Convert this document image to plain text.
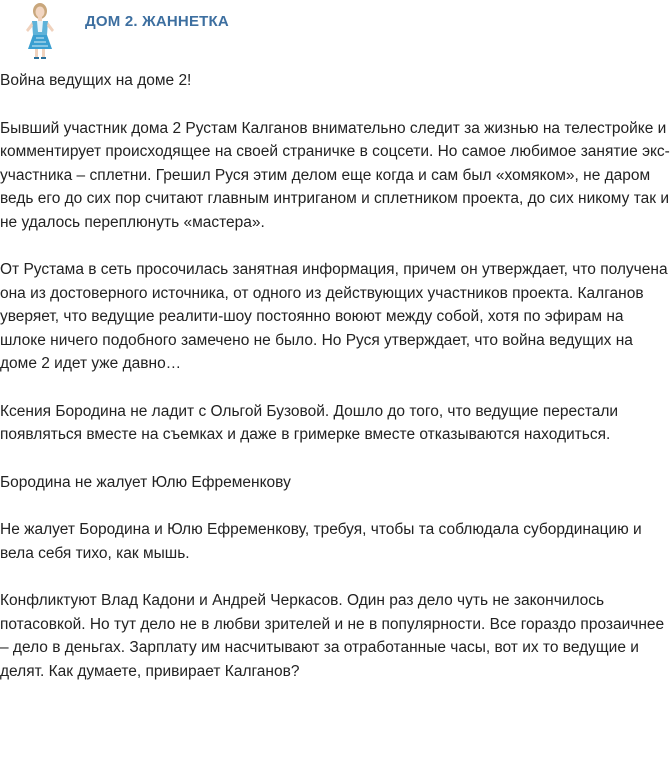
ДОМ 2. ЖАННЕТКА

Война ведущих на доме 2!

Бывший участник дома 2 Рустам Калганов внимательно следит за жизнью на телестройке и комментирует происходящее на своей страничке в соцсети. Но самое любимое занятие экс-участника – сплетни. Грешил Руся этим делом еще когда и сам был «хомяком», не даром ведь его до сих пор считают главным интриганом и сплетником проекта, до сих никому так и не удалось переплюнуть «мастера».

От Рустама в сеть просочилась занятная информация, причем он утверждает, что получена она из достоверного источника, от одного из действующих участников проекта. Калганов уверяет, что ведущие реалити-шоу постоянно воюют между собой, хотя по эфирам на шлоке ничего подобного замечено не было. Но Руся утверждает, что война ведущих на доме 2 идет уже давно…

Ксения Бородина не ладит с Ольгой Бузовой. Дошло до того, что ведущие перестали появляться вместе на съемках и даже в гримерке вместе отказываются находиться.

Бородина не жалует Юлю Ефременкову

Не жалует Бородина и Юлю Ефременкову, требуя, чтобы та соблюдала субординацию и вела себя тихо, как мышь.

Конфликтуют Влад Кадони и Андрей Черкасов. Один раз дело чуть не закончилось потасовкой. Но тут дело не в любви зрителей и не в популярности. Все гораздо прозаичнее – дело в деньгах. Зарплату им насчитывают за отработанные часы, вот их то ведущие и делят. Как думаете, привирает Калганов?
